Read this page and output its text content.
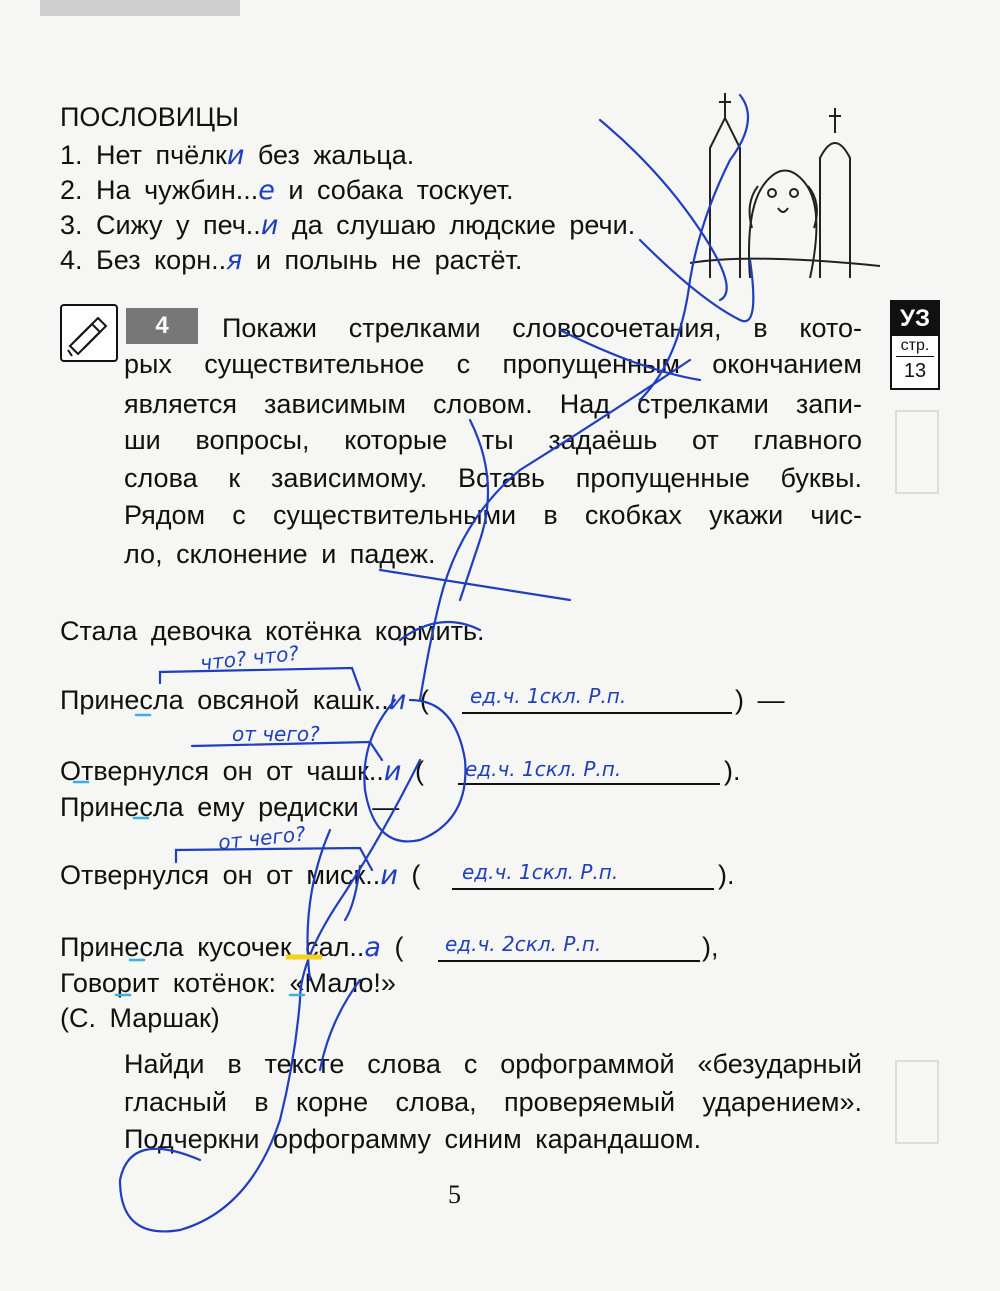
ПОСЛОВИЦЫ
1. Нет пчёлки без жальца.
2. На чужбин...е и собака тоскует.
3. Сижу у печ..и да слушаю людские речи.
4. Без корн..я и полынь не растёт.
УЗ
стр.
13
4	Покажи стрелками словосочетания, в кото-
рых существительное с пропущенным окончанием
является зависимым словом. Над стрелками запи-
ши вопросы, которые ты задаёшь от главного
слова к зависимому. Вставь пропущенные буквы.
Рядом с существительными в скобках укажи чис-
ло, склонение и падеж.
Стала девочка котёнка кормить.
что? что?
Принесла овсяной кашк..и ( ед.ч. 1скл. Р.п.	) —
от чего?
Отвернулся он от чашк..и ( ед.ч. 1скл. Р.п.	).
Принесла ему редиски —
от чего?
Отвернулся он от миск..и ( ед.ч. 1скл. Р.п.	).
Принесла кусочек сал..а ( ед.ч. 2скл. Р.п.	),
Говорит котёнок: «Мало!»
(С. Маршак)
Найди в тексте слова с орфограммой «безударный
гласный в корне слова, проверяемый ударением».
Подчеркни орфограмму синим карандашом.
5
